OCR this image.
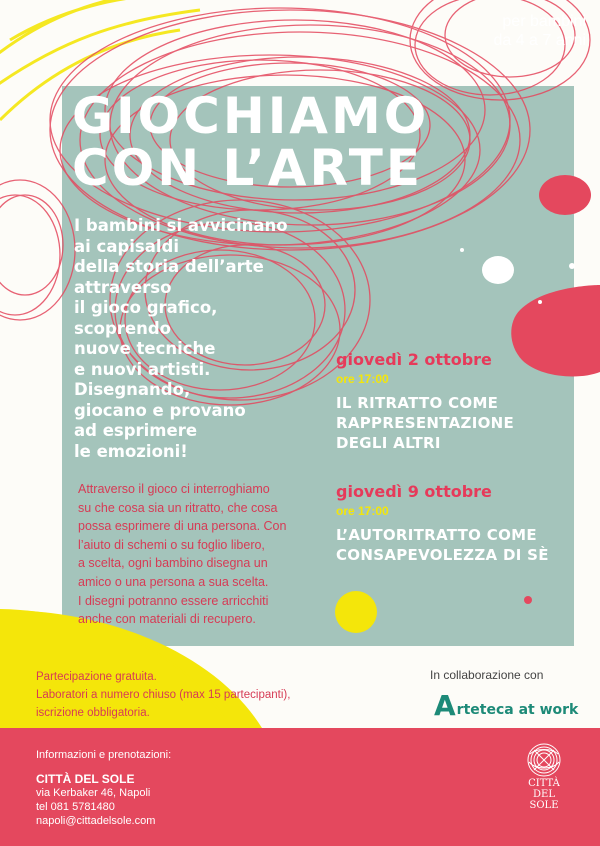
per bambini
da 4 a 7 anni
GIOCHIAMO
CON L’ARTE
I bambini si avvicinano
ai capisaldi
della storia dell’arte
attraverso
il gioco grafico,
scoprendo
nuove tecniche
e nuovi artisti.
Disegnando,
giocano e provano
ad esprimere
le emozioni!
Attraverso il gioco ci interroghiamo
su che cosa sia un ritratto, che cosa
possa esprimere di una persona. Con
l’aiuto di schemi o su foglio libero,
a scelta, ogni bambino disegna un
amico o una persona a sua scelta.
I disegni potranno essere arricchiti
anche con materiali di recupero.
giovedì 2 ottobre
ore 17:00
IL RITRATTO COME
RAPPRESENTAZIONE
DEGLI ALTRI
giovedì 9 ottobre
ore 17:00
L’AUTORITRATTO COME
CONSAPEVOLEZZA DI SÈ
Partecipazione gratuita.
Laboratori a numero chiuso (max 15 partecipanti),
iscrizione obbligatoria.
In collaborazione con
A rteteca at work
Informazioni e prenotazioni:
CITTÀ DEL SOLE
via Kerbaker 46, Napoli
tel 081 5781480
napoli@cittadelsole.com
CITTÀ
DEL
SOLE
